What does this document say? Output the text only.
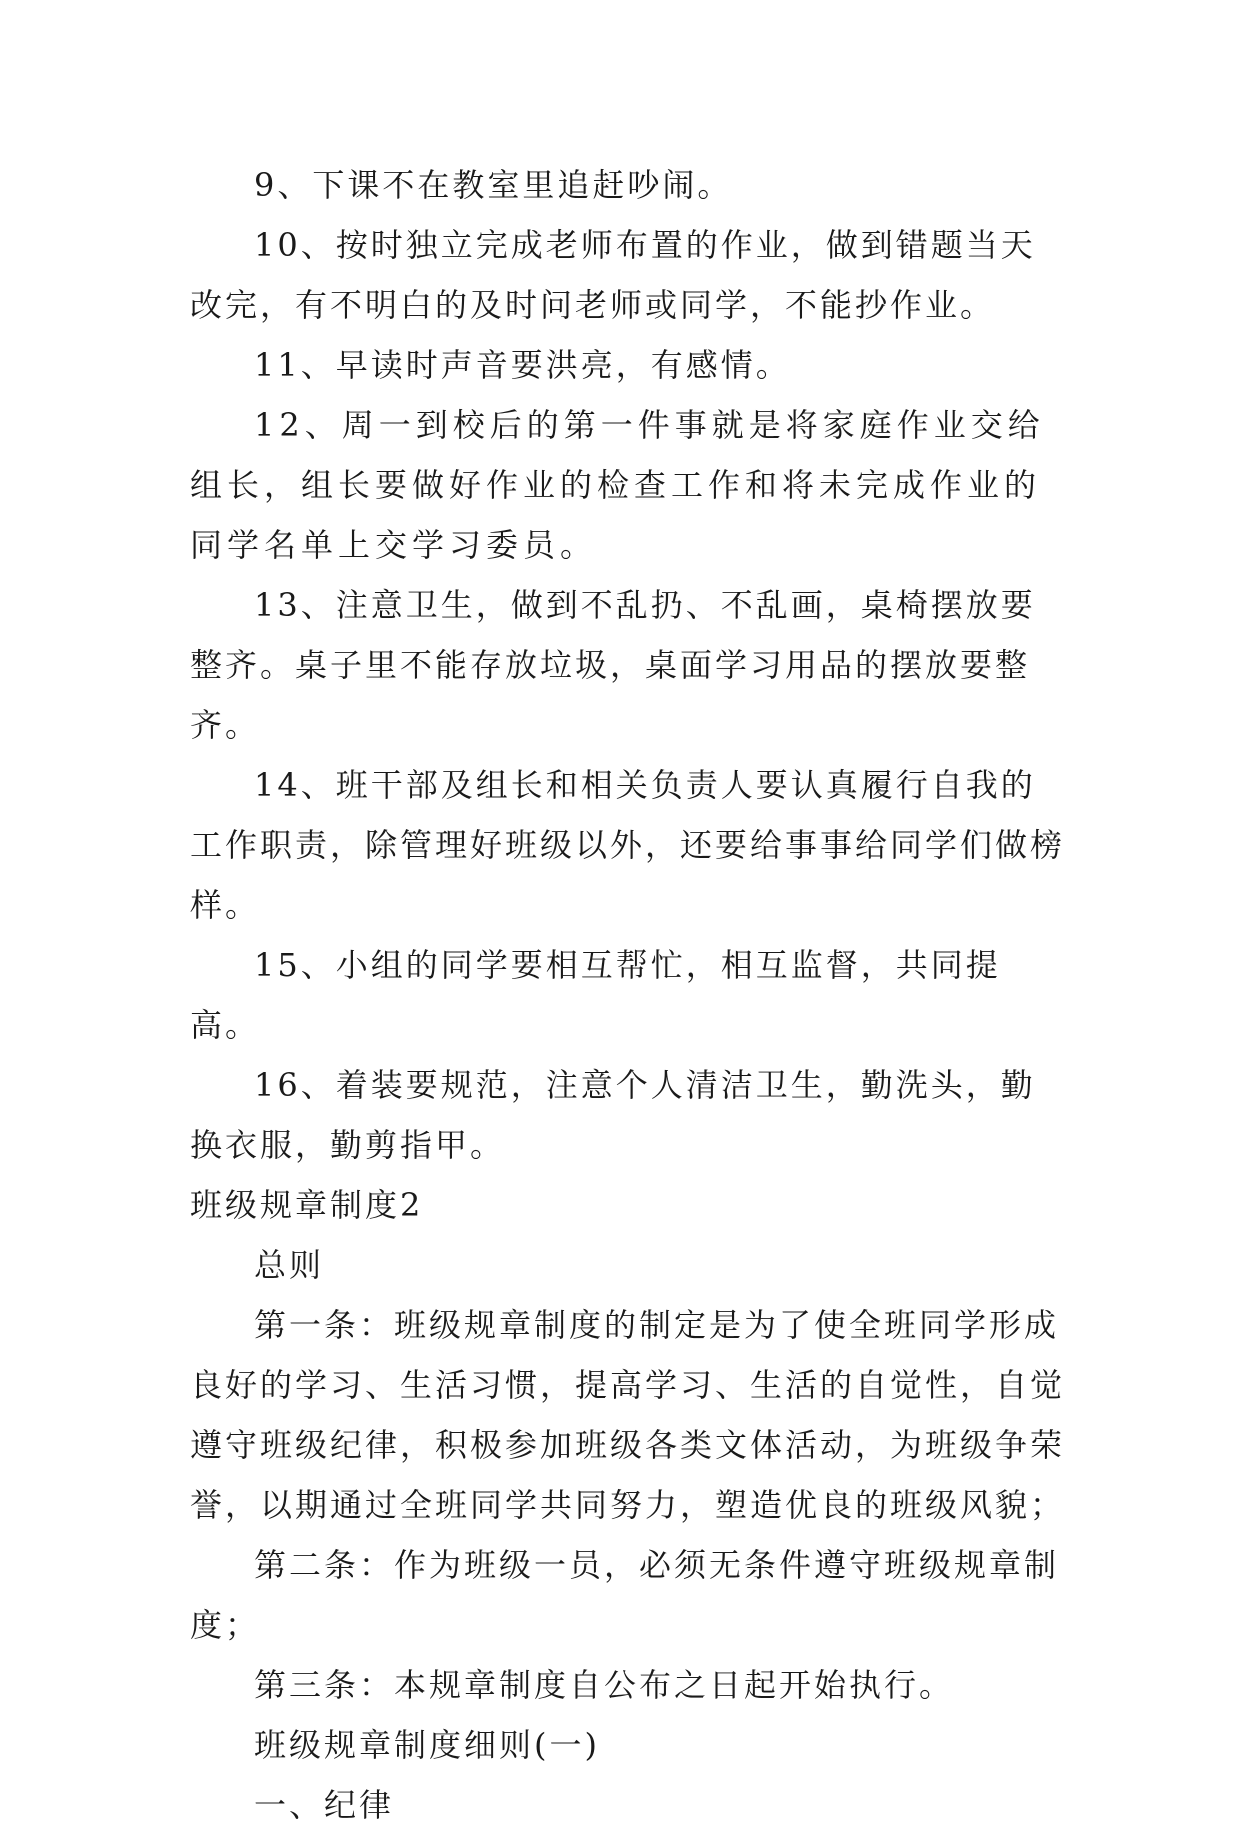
9、下课不在教室里追赶吵闹。

10、按时独立完成老师布置的作业，做到错题当天改完，有不明白的及时问老师或同学，不能抄作业。

11、早读时声音要洪亮，有感情。

12、周一到校后的第一件事就是将家庭作业交给组长，组长要做好作业的检查工作和将未完成作业的同学名单上交学习委员。

13、注意卫生，做到不乱扔、不乱画，桌椅摆放要整齐。桌子里不能存放垃圾，桌面学习用品的摆放要整齐。

14、班干部及组长和相关负责人要认真履行自我的工作职责，除管理好班级以外，还要给事事给同学们做榜样。

15、小组的同学要相互帮忙，相互监督，共同提高。

16、着装要规范，注意个人清洁卫生，勤洗头，勤换衣服，勤剪指甲。

班级规章制度2

总则

第一条：班级规章制度的制定是为了使全班同学形成良好的学习、生活习惯，提高学习、生活的自觉性，自觉遵守班级纪律，积极参加班级各类文体活动，为班级争荣誉，以期通过全班同学共同努力，塑造优良的班级风貌；

第二条：作为班级一员，必须无条件遵守班级规章制度；

第三条：本规章制度自公布之日起开始执行。

班级规章制度细则(一)

一、纪律
